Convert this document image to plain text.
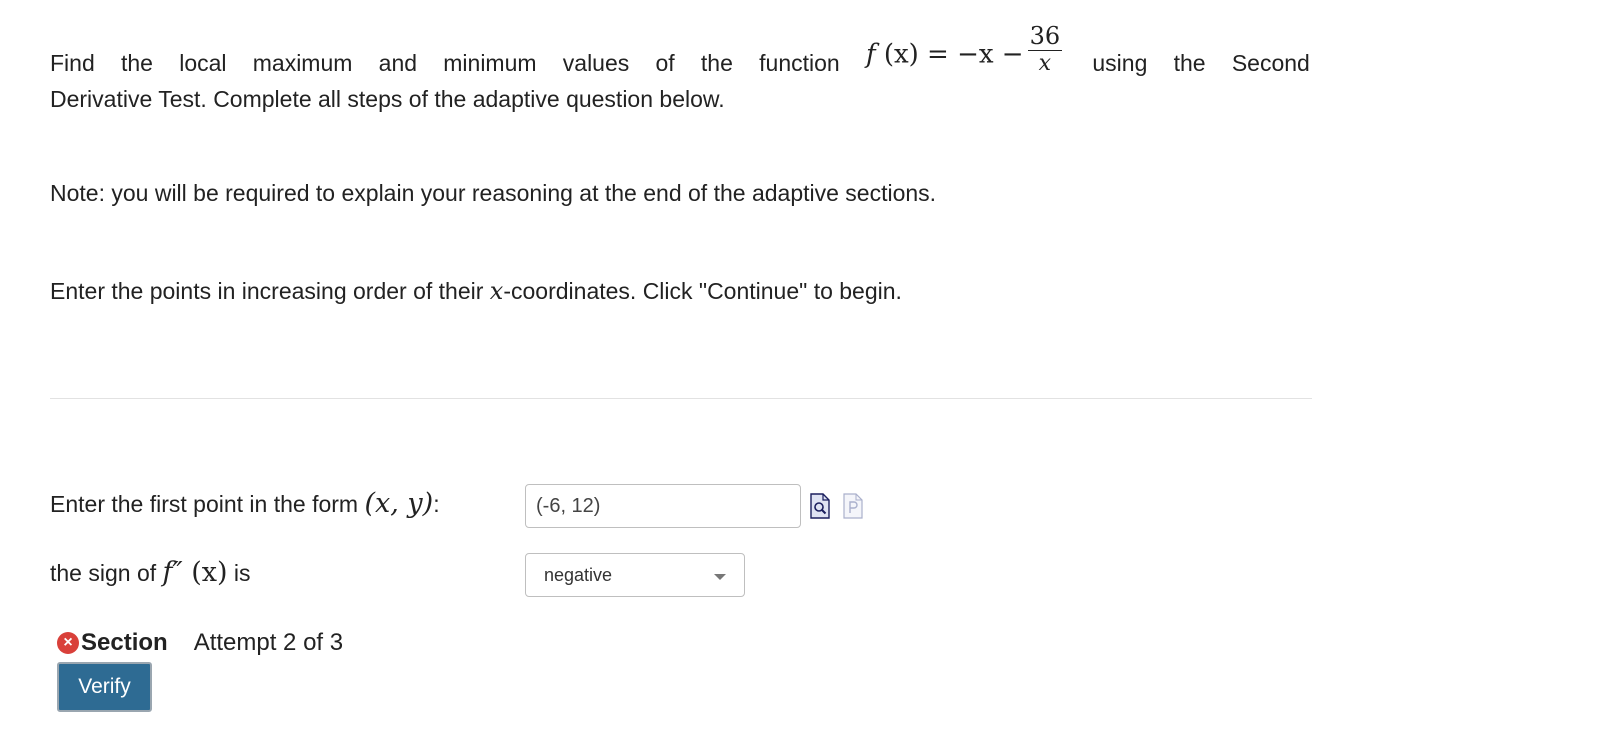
Find the local maximum and minimum values of the function f $(x) = -x - \frac{36}{x}$ using the Second
Derivative Test. Complete all steps of the adaptive question below.
Note: you will be required to explain your reasoning at the end of the adaptive sections.
Enter the points in increasing order of their x-coordinates. Click "Continue" to begin.
Enter the first point in the form (x, y):
(-6, 12)
the sign of f″ (x) is	negative
× Section Attempt 2 of 3
Verify
